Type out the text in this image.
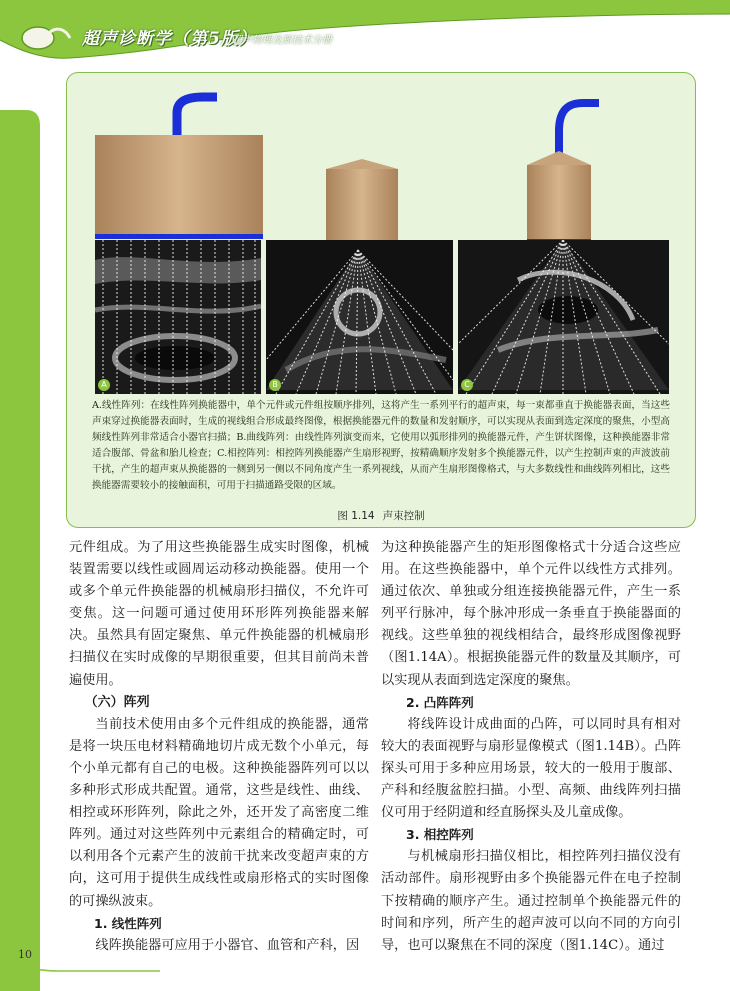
超声诊断学（第5版）
超声物理及新技术分册
A	B	C
A.线性阵列：在线性阵列换能器中，单个元件或元件组按顺序排列，这将产生一系列平行的超声束，每一束都垂直于换能器表面，当这些声束穿过换能器表面时，生成的视线组合形成最终图像，根据换能器元件的数量和发射顺序，可以实现从表面到选定深度的聚焦，小型高频线性阵列非常适合小器官扫描；B.曲线阵列：由线性阵列演变而来，它使用以弧形排列的换能器元件，产生饼状图像，这种换能器非常适合腹部、骨盆和胎儿检查；C.相控阵列：相控阵列换能器产生扇形视野，按精确顺序发射多个换能器元件，以产生控制声束的声波波前干扰，产生的超声束从换能器的一侧到另一侧以不同角度产生一系列视线，从而产生扇形图像格式，与大多数线性和曲线阵列相比，这些换能器需要较小的接触面积，可用于扫描通路受限的区域。
图 1.14 声束控制

元件组成。为了用这些换能器生成实时图像，机械装置需要以线性或圆周运动移动换能器。使用一个或多个单元件换能器的机械扇形扫描仪，不允许可变焦。这一问题可通过使用环形阵列换能器来解决。虽然具有固定聚焦、单元件换能器的机械扇形扫描仪在实时成像的早期很重要，但其目前尚未普遍使用。

（六）阵列

当前技术使用由多个元件组成的换能器，通常是将一块压电材料精确地切片成无数个小单元，每个小单元都有自己的电极。这种换能器阵列可以以多种形式形成共配置。通常，这些是线性、曲线、相控或环形阵列，除此之外，还开发了高密度二维阵列。通过对这些阵列中元素组合的精确定时，可以利用各个元素产生的波前干扰来改变超声束的方向，这可用于提供生成线性或扇形格式的实时图像的可操纵波束。

1. 线性阵列

线阵换能器可应用于小器官、血管和产科，因

为这种换能器产生的矩形图像格式十分适合这些应用。在这些换能器中，单个元件以线性方式排列。通过依次、单独或分组连接换能器元件，产生一系列平行脉冲，每个脉冲形成一条垂直于换能器面的视线。这些单独的视线相结合，最终形成图像视野（图1.14A）。根据换能器元件的数量及其顺序，可以实现从表面到选定深度的聚焦。

2. 凸阵阵列

将线阵设计成曲面的凸阵，可以同时具有相对较大的表面视野与扇形显像模式（图1.14B）。凸阵探头可用于多种应用场景，较大的一般用于腹部、产科和经腹盆腔扫描。小型、高频、曲线阵列扫描仪可用于经阴道和经直肠探头及儿童成像。

3. 相控阵列

与机械扇形扫描仪相比，相控阵列扫描仪没有活动部件。扇形视野由多个换能器元件在电子控制下按精确的顺序产生。通过控制单个换能器元件的时间和序列，所产生的超声波可以向不同的方向引导，也可以聚焦在不同的深度（图1.14C）。通过

10
